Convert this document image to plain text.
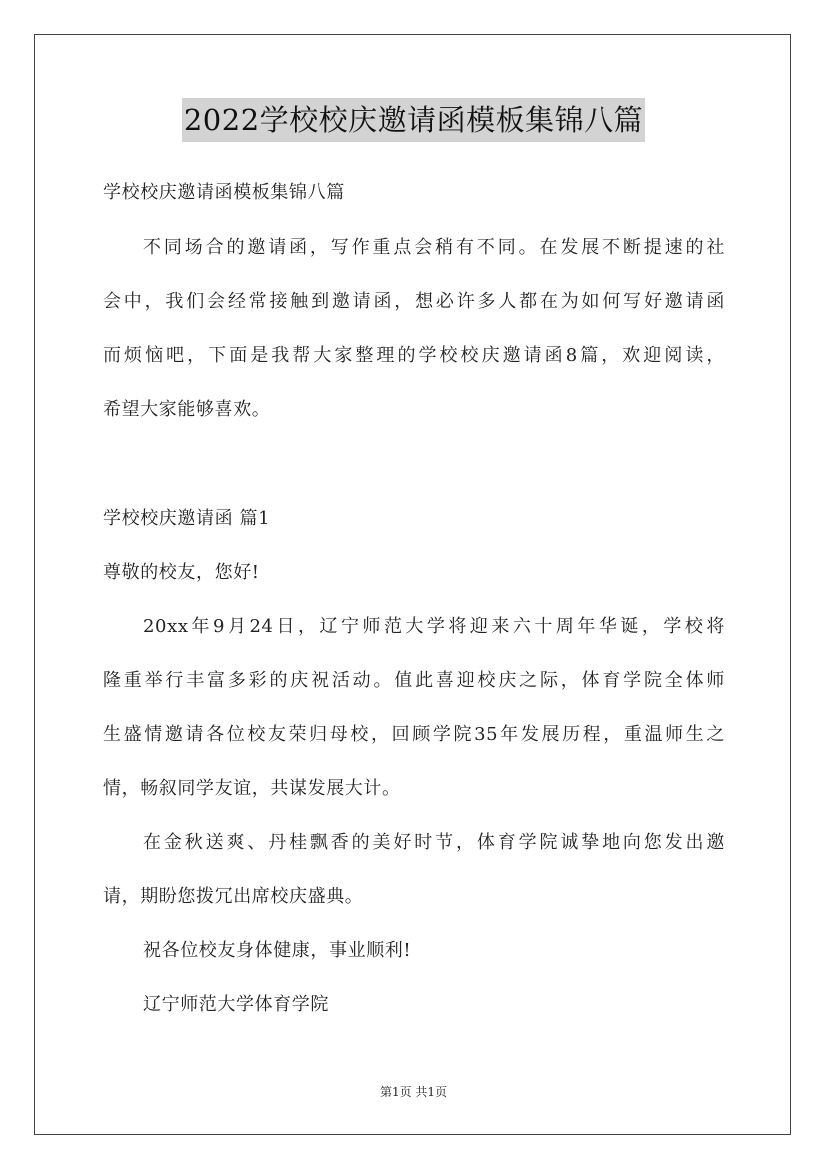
2022学校校庆邀请函模板集锦八篇
学校校庆邀请函模板集锦八篇
不同场合的邀请函，写作重点会稍有不同。在发展不断提速的社
会中，我们会经常接触到邀请函，想必许多人都在为如何写好邀请函
而烦恼吧，下面是我帮大家整理的学校校庆邀请函8篇，欢迎阅读，
希望大家能够喜欢。
学校校庆邀请函 篇1
尊敬的校友，您好!
20xx年9月24日，辽宁师范大学将迎来六十周年华诞，学校将
隆重举行丰富多彩的庆祝活动。值此喜迎校庆之际，体育学院全体师
生盛情邀请各位校友荣归母校，回顾学院35年发展历程，重温师生之
情，畅叙同学友谊，共谋发展大计。
在金秋送爽、丹桂飘香的美好时节，体育学院诚挚地向您发出邀
请，期盼您拨冗出席校庆盛典。
祝各位校友身体健康，事业顺利!
辽宁师范大学体育学院
第1页 共1页
